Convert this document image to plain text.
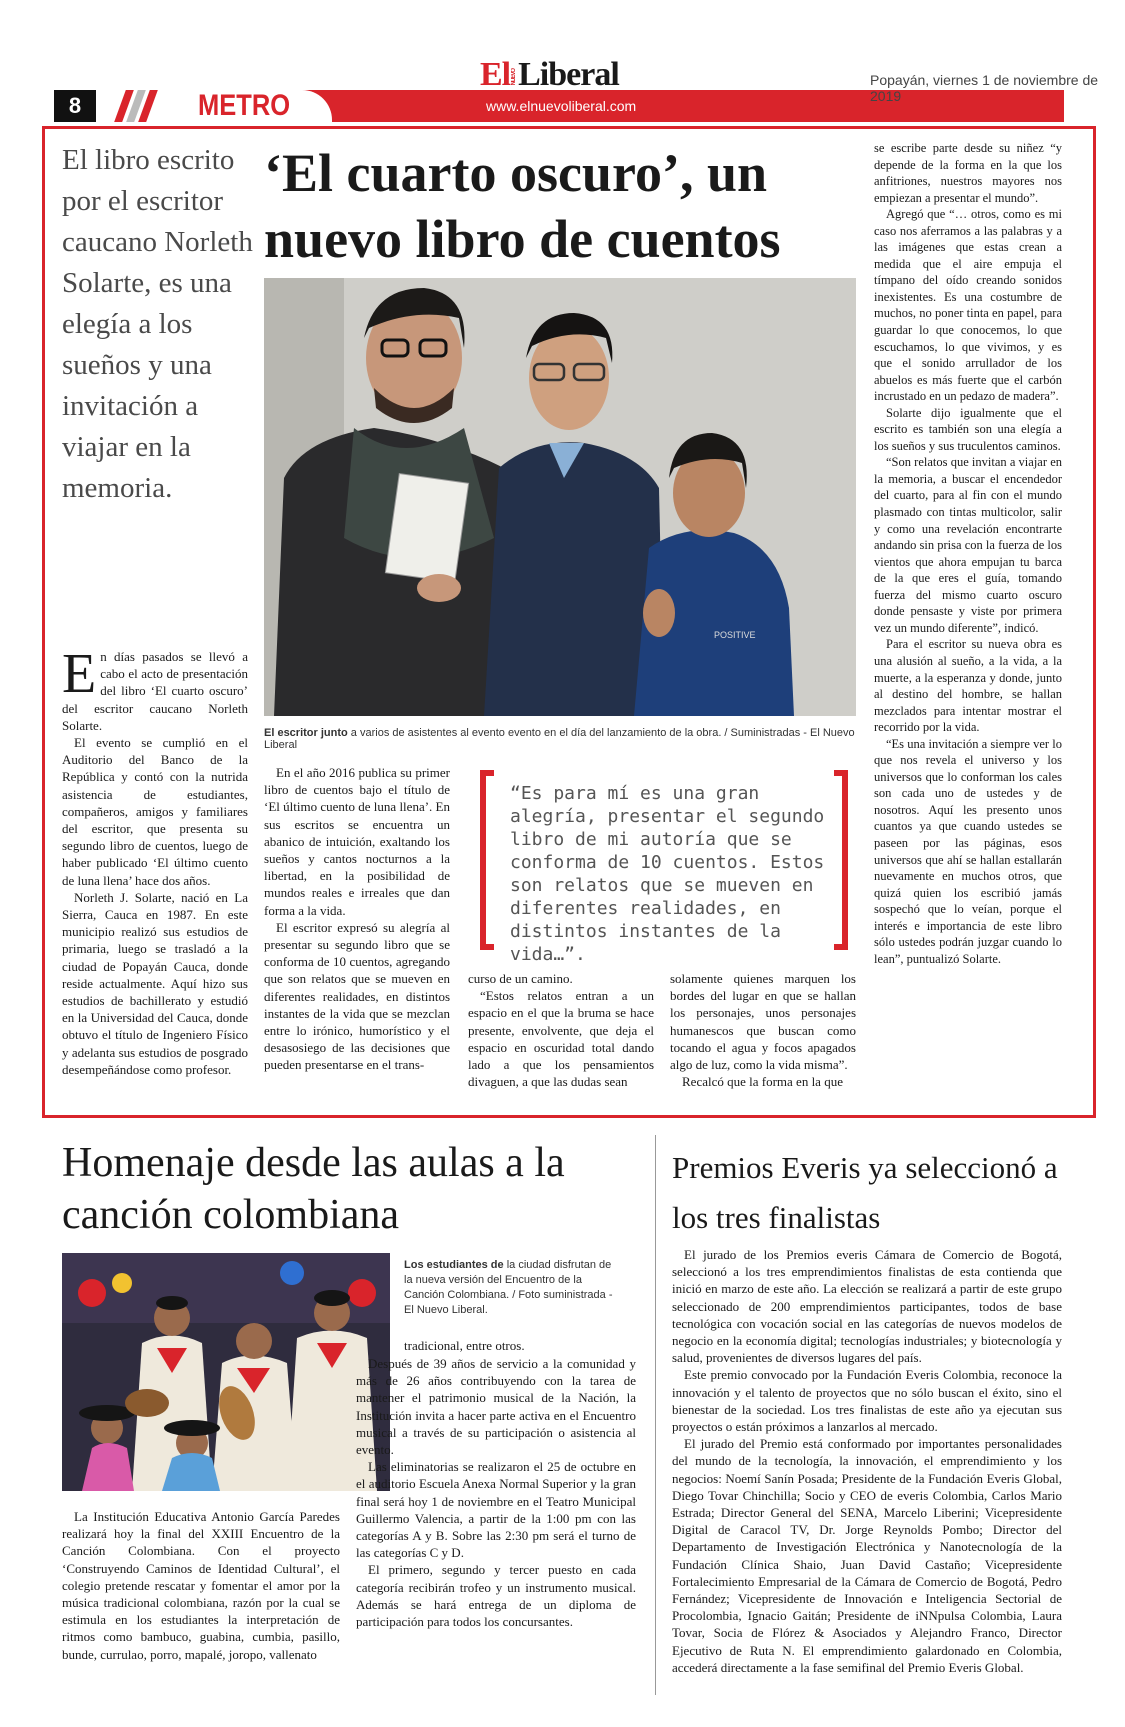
8	METRO
ElNUEVOLiberal	Popayán, viernes 1 de noviembre de 2019
www.elnuevoliberal.com
El libro escrito por el escritor caucano Norleth Solarte, es una elegía a los sueños y una invitación a viajar en la memoria.
‘El cuarto oscuro’, un nuevo libro de cuentos
POSITIVE
El escritor junto a varios de asistentes al evento evento en el día del lanzamiento de la obra. / Suministradas - El Nuevo Liberal
E n días pasados se llevó a cabo el acto de presentación del libro ‘El cuarto oscuro’ del escritor caucano Norleth Solarte.

El evento se cumplió en el Auditorio del Banco de la República y contó con la nutrida asistencia de estudiantes, compañeros, amigos y familiares del escritor, que presenta su segundo libro de cuentos, luego de haber publicado ‘El último cuento de luna llena’ hace dos años.

Norleth J. Solarte, nació en La Sierra, Cauca en 1987. En este municipio realizó sus estudios de primaria, luego se trasladó a la ciudad de Popayán Cauca, donde reside actualmente. Aquí hizo sus estudios de bachillerato y estudió en la Universidad del Cauca, donde obtuvo el título de Ingeniero Físico y adelanta sus estudios de posgrado desempeñándose como profesor.

En el año 2016 publica su primer libro de cuentos bajo el título de ‘El último cuento de luna llena’. En sus escritos se encuentra un abanico de intuición, exaltando los sueños y cantos nocturnos a la libertad, en la posibilidad de mundos reales e irreales que dan forma a la vida.

El escritor expresó su alegría al presentar su segundo libro que se conforma de 10 cuentos, agregando que son relatos que se mueven en diferentes realidades, en distintos instantes de la vida que se mezclan entre lo irónico, humorístico y el desasosiego de las decisiones que pueden presentarse en el trans-

“Es para mí es una gran alegría, presentar el segundo libro de mi autoría que se conforma de 10 cuentos. Estos son relatos que se mueven en diferentes realidades, en distintos instantes de la vida…”.

curso de un camino.

“Estos relatos entran a un espacio en el que la bruma se hace presente, envolvente, que deja el espacio en oscuridad total dando lado a que los pensamientos divaguen, a que las dudas sean

solamente quienes marquen los bordes del lugar en que se hallan los personajes, unos personajes humanescos que buscan como tocando el agua y focos apagados algo de luz, como la vida misma”.

Recalcó que la forma en la que

se escribe parte desde su niñez “y depende de la forma en la que los anfitriones, nuestros mayores nos empiezan a presentar el mundo”.

Agregó que “… otros, como es mi caso nos aferramos a las palabras y a las imágenes que estas crean a medida que el aire empuja el tímpano del oído creando sonidos inexistentes. Es una costumbre de muchos, no poner tinta en papel, para guardar lo que conocemos, lo que escuchamos, lo que vivimos, y es que el sonido arrullador de los abuelos es más fuerte que el carbón incrustado en un pedazo de madera”.

Solarte dijo igualmente que el escrito es también son una elegía a los sueños y sus truculentos caminos.

“Son relatos que invitan a viajar en la memoria, a buscar el encendedor del cuarto, para al fin con el mundo plasmado con tintas multicolor, salir y como una revelación encontrarte andando sin prisa con la fuerza de los vientos que ahora empujan tu barca de la que eres el guía, tomando fuerza del mismo cuarto oscuro donde pensaste y viste por primera vez un mundo diferente”, indicó.

Para el escritor su nueva obra es una alusión al sueño, a la vida, a la muerte, a la esperanza y donde, junto al destino del hombre, se hallan mezclados para intentar mostrar el recorrido por la vida.

“Es una invitación a siempre ver lo que nos revela el universo y los universos que lo conforman los cales son cada uno de ustedes y de nosotros. Aquí les presento unos cuantos ya que cuando ustedes se paseen por las páginas, esos universos que ahí se hallan estallarán nuevamente en muchos otros, que quizá quien los escribió jamás sospechó que lo veían, porque el interés e importancia de este libro sólo ustedes podrán juzgar cuando lo lean”, puntualizó Solarte.

Homenaje desde las aulas a la canción colombiana
Los estudiantes de la ciudad disfrutan de la nueva versión del Encuentro de la Canción Colombiana. / Foto suministrada - El Nuevo Liberal.

tradicional, entre otros.

Después de 39 años de servicio a la comunidad y más de 26 años contribuyendo con la tarea de mantener el patrimonio musical de la Nación, la Institución invita a hacer parte activa en el Encuentro musical a través de su participación o asistencia al evento.

Las eliminatorias se realizaron el 25 de octubre en el auditorio Escuela Anexa Normal Superior y la gran final será hoy 1 de noviembre en el Teatro Municipal Guillermo Valencia, a partir de la 1:00 pm con las categorías A y B. Sobre las 2:30 pm será el turno de las categorías C y D.

El primero, segundo y tercer puesto en cada categoría recibirán trofeo y un instrumento musical. Además se hará entrega de un diploma de participación para todos los concursantes.

La Institución Educativa Antonio García Paredes realizará hoy la final del XXIII Encuentro de la Canción Colombiana. Con el proyecto ‘Construyendo Caminos de Identidad Cultural’, el colegio pretende rescatar y fomentar el amor por la música tradicional colombiana, razón por la cual se estimula en los estudiantes la interpretación de ritmos como bambuco, guabina, cumbia, pasillo, bunde, currulao, porro, mapalé, joropo, vallenato

Premios Everis ya seleccionó a los tres finalistas

El jurado de los Premios everis Cámara de Comercio de Bogotá, seleccionó a los tres emprendimientos finalistas de esta contienda que inició en marzo de este año. La elección se realizará a partir de este grupo seleccionado de 200 emprendimientos participantes, todos de base tecnológica con vocación social en las categorías de nuevos modelos de negocio en la economía digital; tecnologías industriales; y biotecnología y salud, provenientes de diversos lugares del país.

Este premio convocado por la Fundación Everis Colombia, reconoce la innovación y el talento de proyectos que no sólo buscan el éxito, sino el bienestar de la sociedad. Los tres finalistas de este año ya ejecutan sus proyectos o están próximos a lanzarlos al mercado.

El jurado del Premio está conformado por importantes personalidades del mundo de la tecnología, la innovación, el emprendimiento y los negocios: Noemí Sanín Posada; Presidente de la Fundación Everis Global, Diego Tovar Chinchilla; Socio y CEO de everis Colombia, Carlos Mario Estrada; Director General del SENA, Marcelo Liberini; Vicepresidente Digital de Caracol TV, Dr. Jorge Reynolds Pombo; Director del Departamento de Investigación Electrónica y Nanotecnología de la Fundación Clínica Shaio, Juan David Castaño; Vicepresidente Fortalecimiento Empresarial de la Cámara de Comercio de Bogotá, Pedro Fernández; Vicepresidente de Innovación e Inteligencia Sectorial de Procolombia, Ignacio Gaitán; Presidente de iNNpulsa Colombia, Laura Tovar, Socia de Flórez & Asociados y Alejandro Franco, Director Ejecutivo de Ruta N. El emprendimiento galardonado en Colombia, accederá directamente a la fase semifinal del Premio Everis Global.
